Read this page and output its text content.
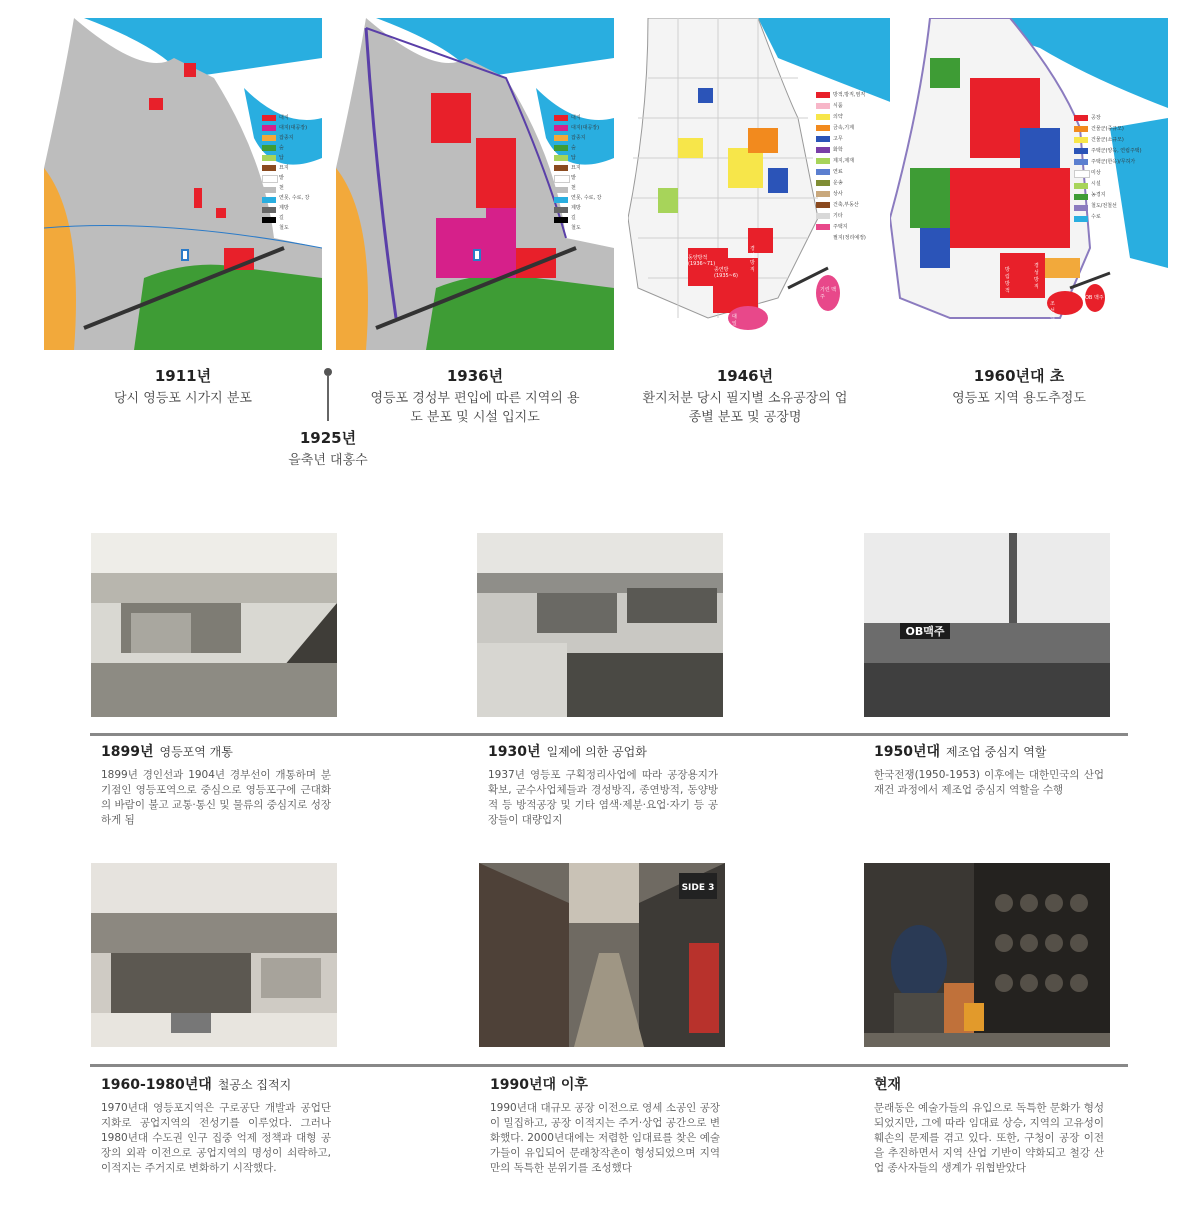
1911년
당시 영등포 시가지 분포
1936년
영등포 경성부 편입에 따른 지역의 용도 분포 및 시설 입지도
1946년
환지처분 당시 필지별 소유공장의 업종별 분포 및 공장명
1960년대 초
영등포 지역 용도추정도
1925년
을축년 대홍수
OB맥주
1899년 영등포역 개통
1899년 경인선과 1904년 경부선이 개통하며 분기점인 영등포역으로 중심으로 영등포구에 근대화의 바람이 불고 교통·통신 및 물류의 중심지로 성장하게 됨
1930년 일제에 의한 공업화
1937년 영등포 구획정리사업에 따라 공장용지가 확보, 군수사업체들과 경성방직, 종연방적, 동양방적 등 방적공장 및 기타 염색·제분·요업·자기 등 공장들이 대량입지
1950년대 제조업 중심지 역할
한국전쟁(1950-1953) 이후에는 대한민국의 산업 재건 과정에서 제조업 중심지 역할을 수행
SIDE 3
1960-1980년대 철공소 집적지
1970년대 영등포지역은 구로공단 개발과 공업단지화로 공업지역의 전성기를 이루었다. 그러나 1980년대 수도권 인구 집중 억제 정책과 대형 공장의 외곽 이전으로 공업지역의 명성이 쇠락하고, 이적지는 주거지로 변화하기 시작했다.
1990년대 이후
1990년대 대규모 공장 이전으로 영세 소공인 공장이 밀집하고, 공장 이적지는 주거·상업 공간으로 변화했다. 2000년대에는 저렴한 임대료를 찾은 예술가들이 유입되어 문래창작촌이 형성되었으며 지역만의 독특한 분위기를 조성했다
현재
문래동은 예술가들의 유입으로 독특한 문화가 형성되었지만, 그에 따라 임대료 상승, 지역의 고유성이 훼손의 문제를 겪고 있다. 또한, 구청이 공장 이전을 추진하면서 지역 산업 기반이 약화되고 철강 산업 종사자들의 생계가 위협받았다
대지
대지(대공장)
잡종지
숲
답
묘지
밭
천
연못, 수로, 강
제방
길
철도
대지
대지(대공장)
잡종지
숲
답
묘지
밭
천
연못, 수로, 강
제방
길
철도
방적,방직,염직
식품
의약
금속,기계
고무
화학
제지,제재
연료
운송
상사
건축,부동산
기타
주택지
필지(정리예정)
공장
건물군(중규모)
건물군(소규모)
주택군(양옥, 연립주택)
주택군(한옥)/무허가
미상
시설
농경지
철도/전철선
수로
동양방적 (1936~71)
종연방 (1935~6)
경성방직
기린 맥주
대일본맥주
방림방적
경성방직
OB 맥주
조선맥주
